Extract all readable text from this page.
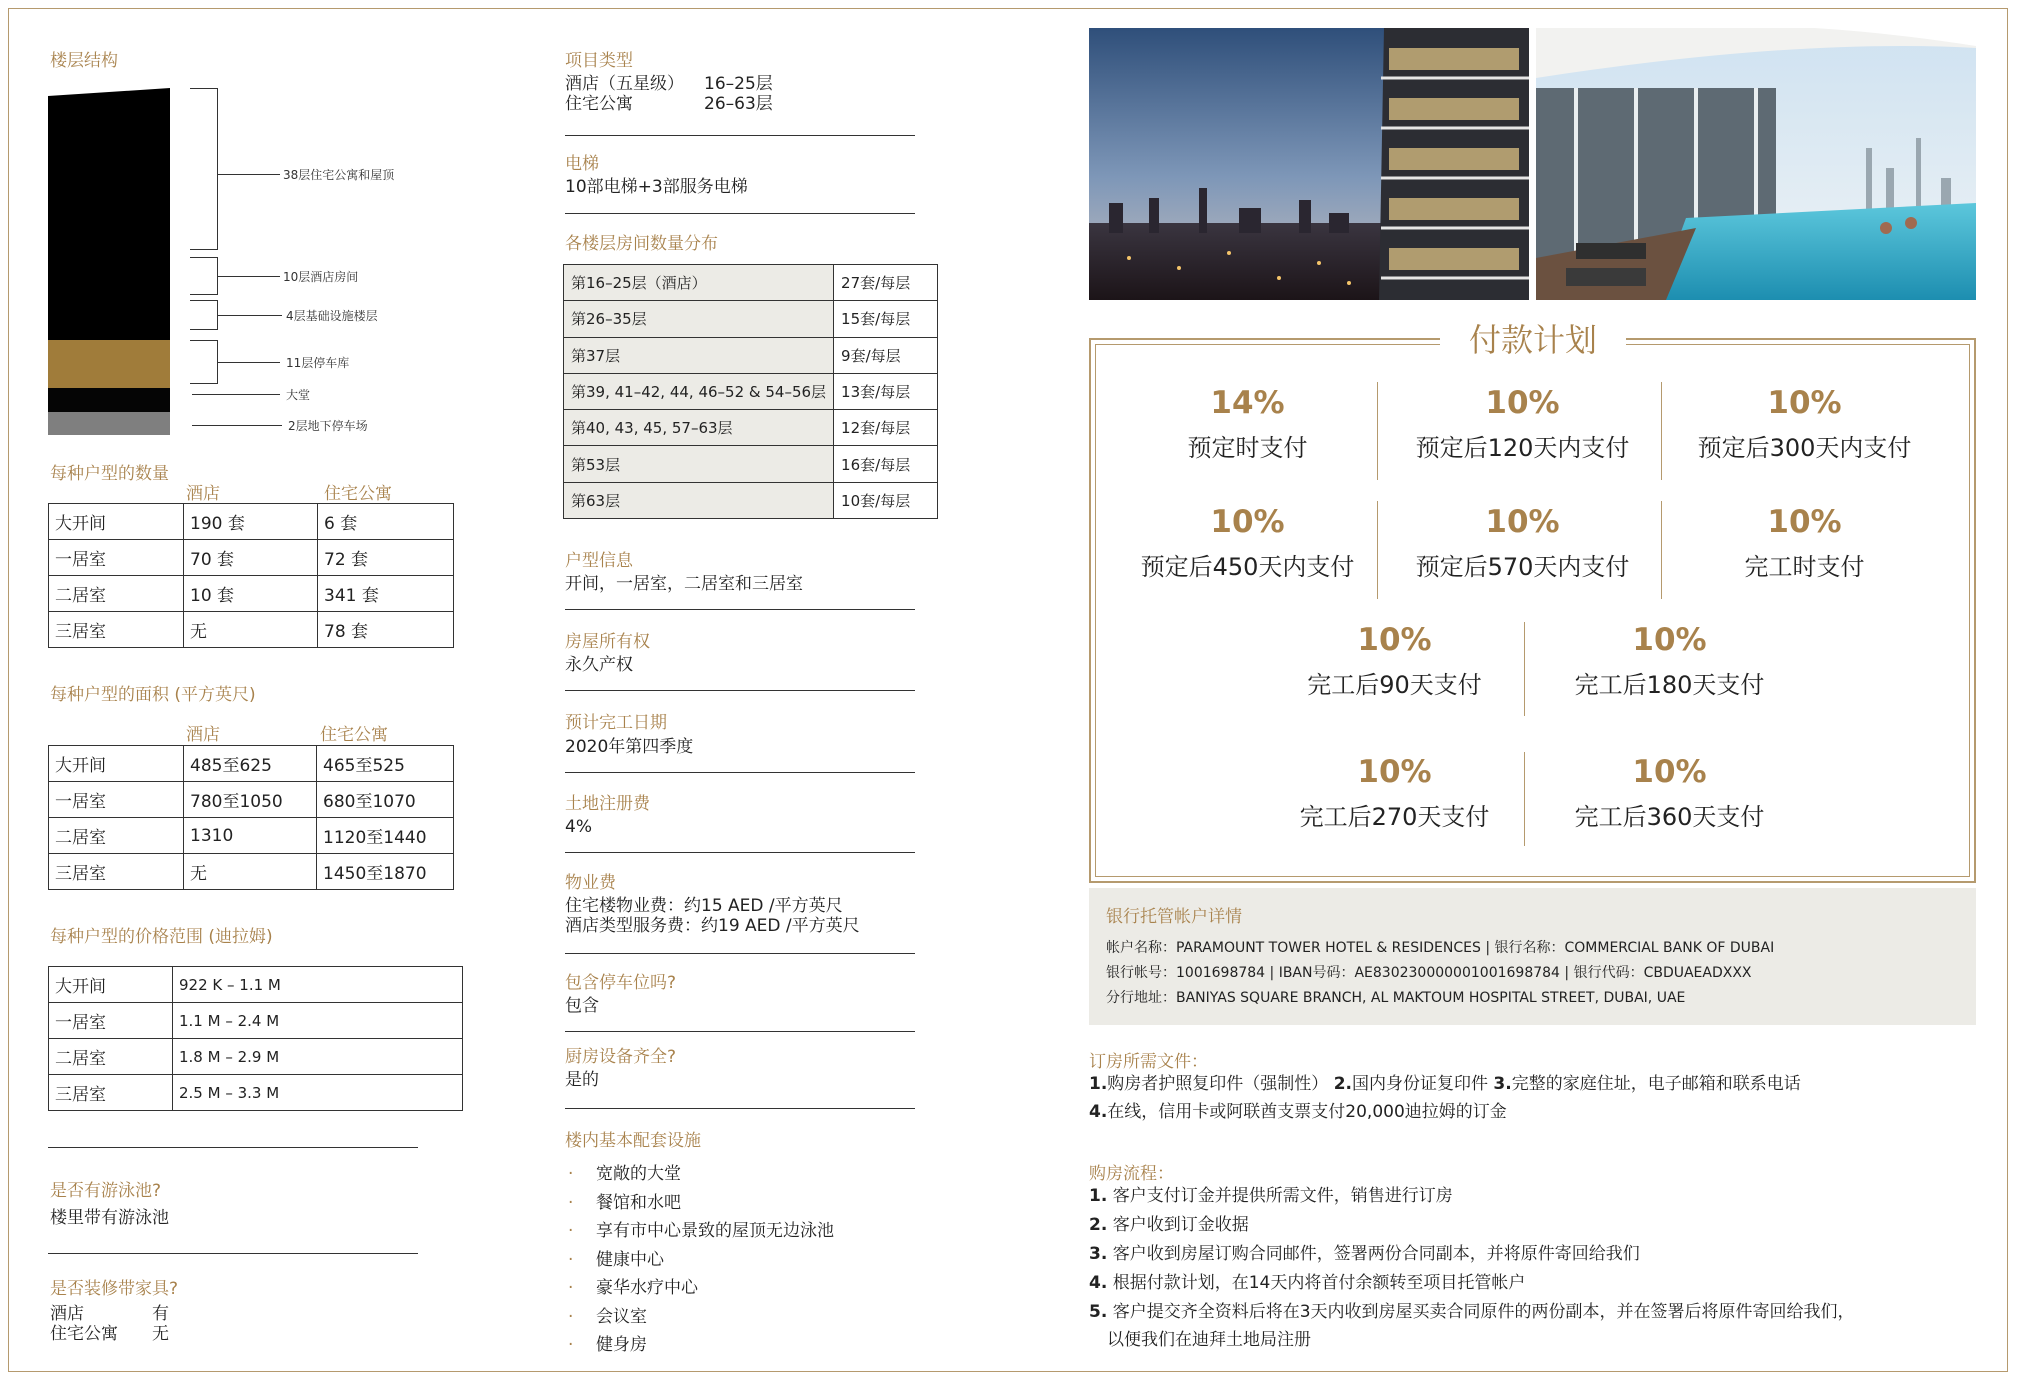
楼层结构
38层住宅公寓和屋顶
10层酒店房间
4层基础设施楼层
11层停车库
大堂
2层地下停车场
每种户型的数量
酒店	住宅公寓
大开间	190 套	6 套
一居室	70 套	72 套
二居室	10 套	341 套
三居室	无	78 套
每种户型的面积 (平方英尺)
酒店	住宅公寓
大开间	485至625	465至525
一居室	780至1050	680至1070
二居室	1310	1120至1440
三居室	无	1450至1870
每种户型的价格范围 (迪拉姆)
大开间	922 K – 1.1 M
一居室	1.1 M – 2.4 M
二居室	1.8 M – 2.9 M
三居室	2.5 M – 3.3 M
是否有游泳池?
楼里带有游泳池
是否装修带家具?
酒店	有
住宅公寓 无
项目类型
酒店（五星级） 16–25层
住宅公寓	26–63层
电梯
10部电梯+3部服务电梯
各楼层房间数量分布
第16–25层（酒店）	27套/每层
第26–35层	15套/每层
第37层	9套/每层
第39, 41–42, 44, 46–52 & 54–56层	13套/每层
第40, 43, 45, 57–63层	12套/每层
第53层	16套/每层
第63层	10套/每层
户型信息
开间，一居室，二居室和三居室
房屋所有权
永久产权
预计完工日期
2020年第四季度
土地注册费
4%
物业费
住宅楼物业费：约15 AED /平方英尺
酒店类型服务费：约19 AED /平方英尺
包含停车位吗?
包含
厨房设备齐全?
是的
楼内基本配套设施
· 宽敞的大堂
· 餐馆和水吧
· 享有市中心景致的屋顶无边泳池
· 健康中心
· 豪华水疗中心
· 会议室
· 健身房
付款计划
14%
预定时支付
10%
预定后120天内支付
10%
预定后300天内支付
10%
预定后450天内支付
10%
预定后570天内支付
10%
完工时支付
10%
完工后90天支付
10%
完工后180天支付
10%
完工后270天支付
10%
完工后360天支付
银行托管帐户详情
帐户名称：PARAMOUNT TOWER HOTEL & RESIDENCES | 银行名称：COMMERCIAL BANK OF DUBAI
银行帐号：1001698784 | IBAN号码：AE830230000001001698784 | 银行代码：CBDUAEADXXX
分行地址：BANIYAS SQUARE BRANCH, AL MAKTOUM HOSPITAL STREET, DUBAI, UAE
订房所需文件：
1.购房者护照复印件（强制性） 2.国内身份证复印件 3.完整的家庭住址，电子邮箱和联系电话
4.在线，信用卡或阿联酋支票支付20,000迪拉姆的订金
购房流程：
1. 客户支付订金并提供所需文件，销售进行订房
2. 客户收到订金收据
3. 客户收到房屋订购合同邮件，签署两份合同副本，并将原件寄回给我们
4. 根据付款计划，在14天内将首付余额转至项目托管帐户
5. 客户提交齐全资料后将在3天内收到房屋买卖合同原件的两份副本，并在签署后将原件寄回给我们，
以便我们在迪拜土地局注册
